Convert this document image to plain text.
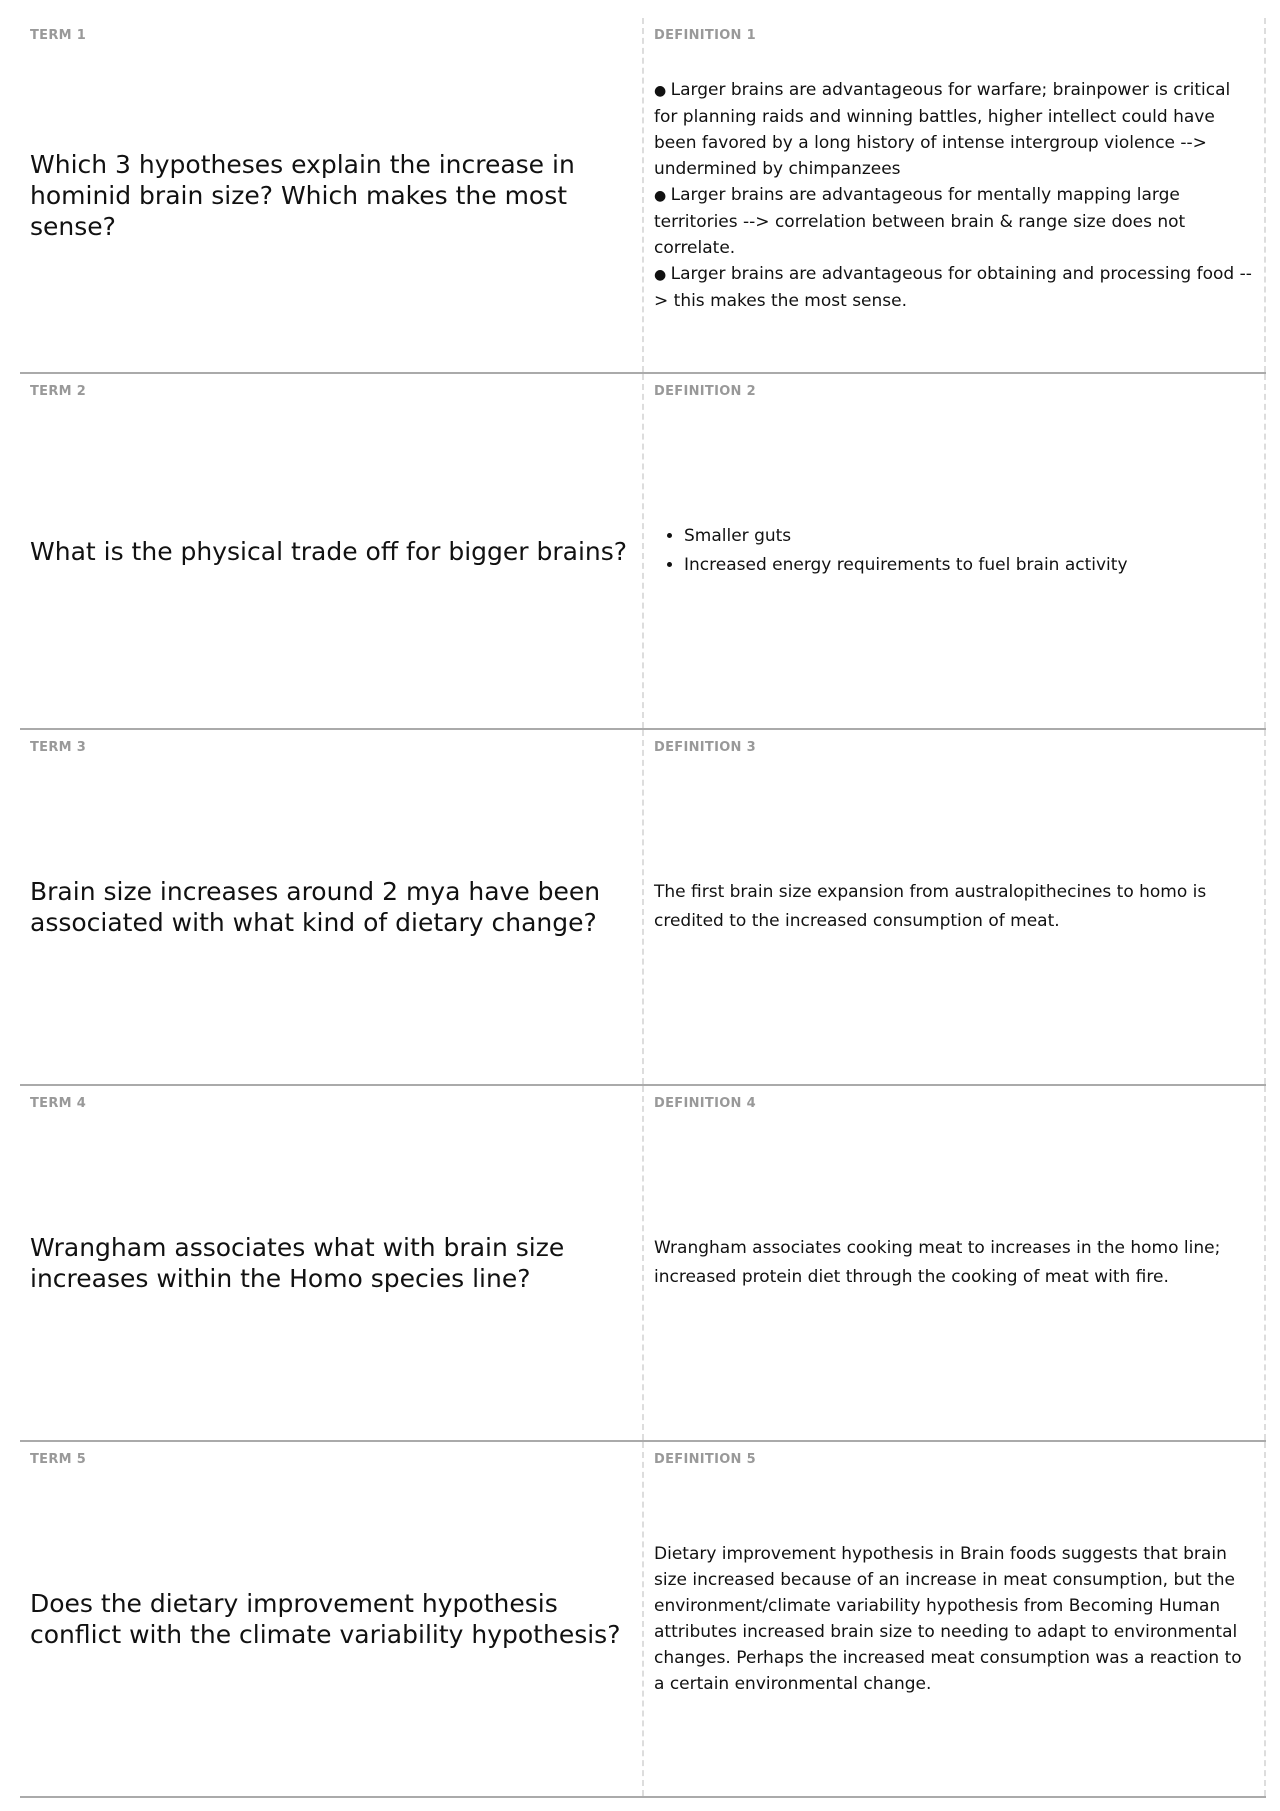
TERM 1
Which 3 hypotheses explain the increase in hominid brain size? Which makes the most sense?
DEFINITION 1
● Larger brains are advantageous for warfare; brainpower is critical for planning raids and winning battles, higher intellect could have been favored by a long history of intense intergroup violence --> undermined by chimpanzees
● Larger brains are advantageous for mentally mapping large territories --> correlation between brain & range size does not correlate.
● Larger brains are advantageous for obtaining and processing food --> this makes the most sense.
TERM 2
What is the physical trade off for bigger brains?
DEFINITION 2
• Smaller guts
• Increased energy requirements to fuel brain activity
TERM 3
Brain size increases around 2 mya have been associated with what kind of dietary change?
DEFINITION 3
The first brain size expansion from australopithecines to homo is credited to the increased consumption of meat.
TERM 4
Wrangham associates what with brain size increases within the Homo species line?
DEFINITION 4
Wrangham associates cooking meat to increases in the homo line; increased protein diet through the cooking of meat with fire.
TERM 5
Does the dietary improvement hypothesis conflict with the climate variability hypothesis?
DEFINITION 5
Dietary improvement hypothesis in Brain foods suggests that brain size increased because of an increase in meat consumption, but the environment/climate variability hypothesis from Becoming Human attributes increased brain size to needing to adapt to environmental changes. Perhaps the increased meat consumption was a reaction to a certain environmental change.
